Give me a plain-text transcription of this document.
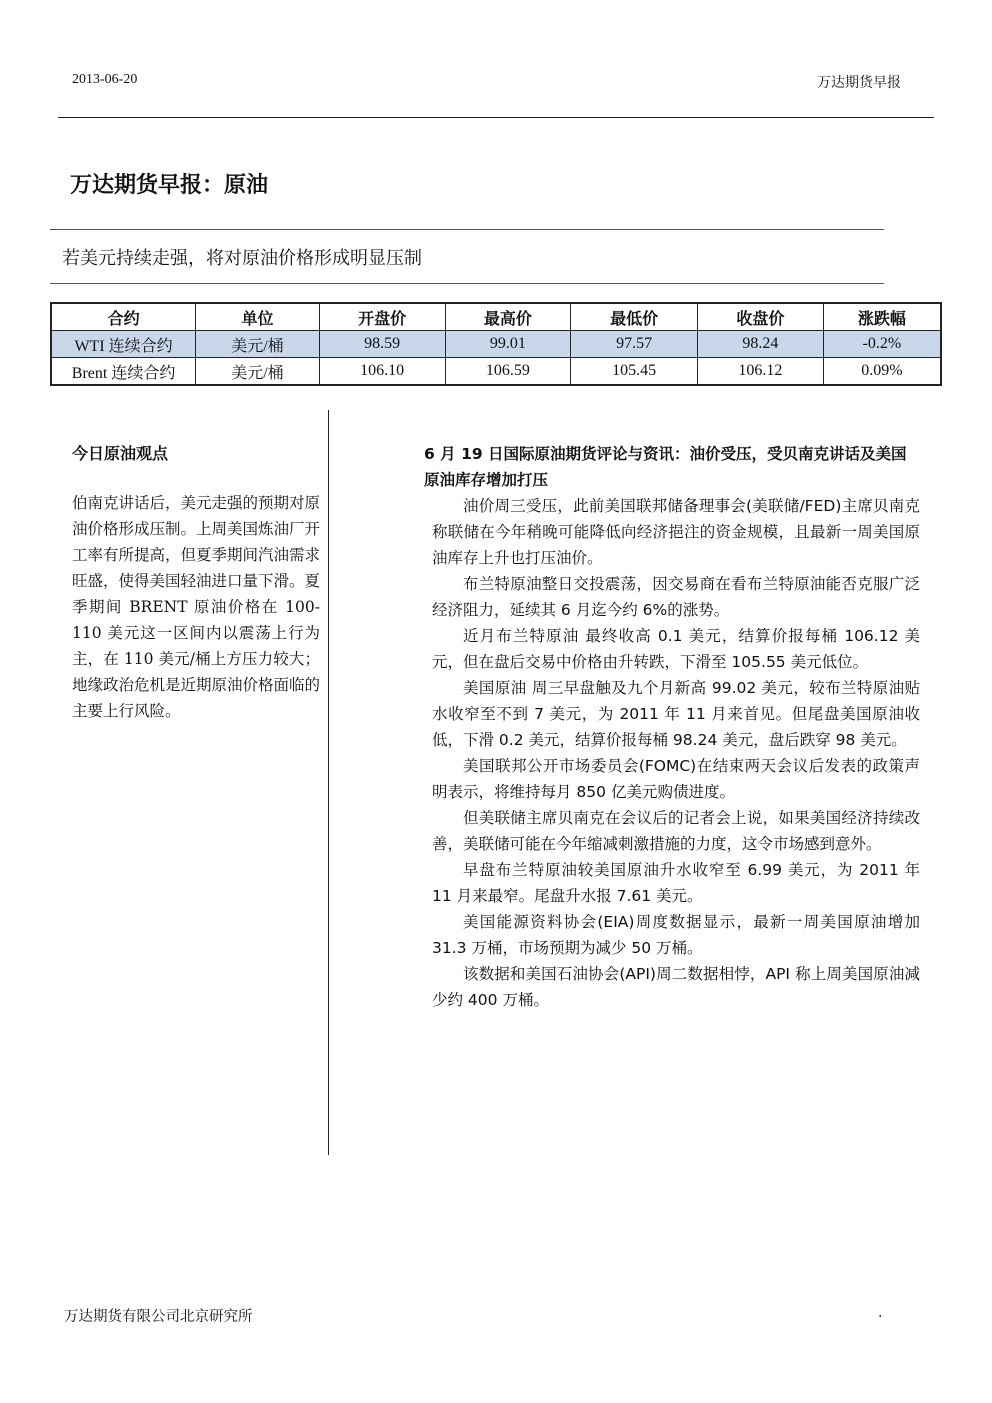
2013-06-20	万达期货早报
万达期货早报：原油
若美元持续走强，将对原油价格形成明显压制
合约	单位	开盘价	最高价	最低价	收盘价	涨跌幅
WTI 连续合约	美元/桶	98.59	99.01	97.57	98.24	-0.2%
Brent 连续合约	美元/桶	106.10	106.59	105.45	106.12	0.09%
今日原油观点
伯南克讲话后，美元走强的预期对原油价格形成压制。上周美国炼油厂开工率有所提高，但夏季期间汽油需求旺盛，使得美国轻油进口量下滑。夏季期间 BRENT 原油价格在 100-110 美元这一区间内以震荡上行为主，在 110 美元/桶上方压力较大；地缘政治危机是近期原油价格面临的主要上行风险。
6 月 19 日国际原油期货评论与资讯：油价受压，受贝南克讲话及美国原油库存增加打压

油价周三受压，此前美国联邦储备理事会(美联储/FED)主席贝南克称联储在今年稍晚可能降低向经济挹注的资金规模，且最新一周美国原油库存上升也打压油价。

布兰特原油整日交投震荡，因交易商在看布兰特原油能否克服广泛经济阻力，延续其 6 月迄今约 6%的涨势。

近月布兰特原油 最终收高 0.1 美元，结算价报每桶 106.12 美元，但在盘后交易中价格由升转跌，下滑至 105.55 美元低位。

美国原油 周三早盘触及九个月新高 99.02 美元，较布兰特原油贴水收窄至不到 7 美元，为 2011 年 11 月来首见。但尾盘美国原油收低，下滑 0.2 美元，结算价报每桶 98.24 美元，盘后跌穿 98 美元。

美国联邦公开市场委员会(FOMC)在结束两天会议后发表的政策声明表示，将维持每月 850 亿美元购债进度。

但美联储主席贝南克在会议后的记者会上说，如果美国经济持续改善，美联储可能在今年缩减刺激措施的力度，这令市场感到意外。

早盘布兰特原油较美国原油升水收窄至 6.99 美元，为 2011 年 11 月来最窄。尾盘升水报 7.61 美元。

美国能源资料协会(EIA)周度数据显示，最新一周美国原油增加 31.3 万桶，市场预期为减少 50 万桶。

该数据和美国石油协会(API)周二数据相悖，API 称上周美国原油减少约 400 万桶。

万达期货有限公司北京研究所	.
